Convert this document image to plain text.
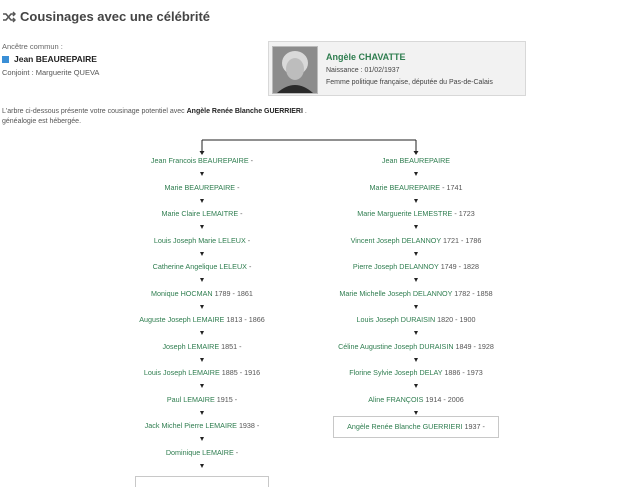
Cousinages avec une célébrité
Ancêtre commun :
Jean BEAUREPAIRE
Conjoint : Marguerite QUEVA
Angèle CHAVATTE
Naissance : 01/02/1937
Femme politique française, députée du Pas-de-Calais
L'arbre ci-dessous présente votre cousinage potentiel avec Angèle Renée Blanche GUERRIERI .
généalogie est hébergée.
Jean Francois BEAUREPAIRE -
Marie BEAUREPAIRE -
Marie Claire LEMAITRE -
Louis Joseph Marie LELEUX -
Catherine Angelique LELEUX -
Monique HOCMAN 1789 - 1861
Auguste Joseph LEMAIRE 1813 - 1866
Joseph LEMAIRE 1851 -
Louis Joseph LEMAIRE 1885 - 1916
Paul LEMAIRE 1915 -
Jack Michel Pierre LEMAIRE 1938 -
Dominique LEMAIRE -
Jean BEAUREPAIRE
Marie BEAUREPAIRE - 1741
Marie Marguerite LEMESTRE - 1723
Vincent Joseph DELANNOY 1721 - 1786
Pierre Joseph DELANNOY 1749 - 1828
Marie Michelle Joseph DELANNOY 1782 - 1858
Louis Joseph DURAISIN 1820 - 1900
Céline Augustine Joseph DURAISIN 1849 - 1928
Florine Sylvie Joseph DELAY 1886 - 1973
Aline FRANÇOIS 1914 - 2006
Angèle Renée Blanche GUERRIERI 1937 -
